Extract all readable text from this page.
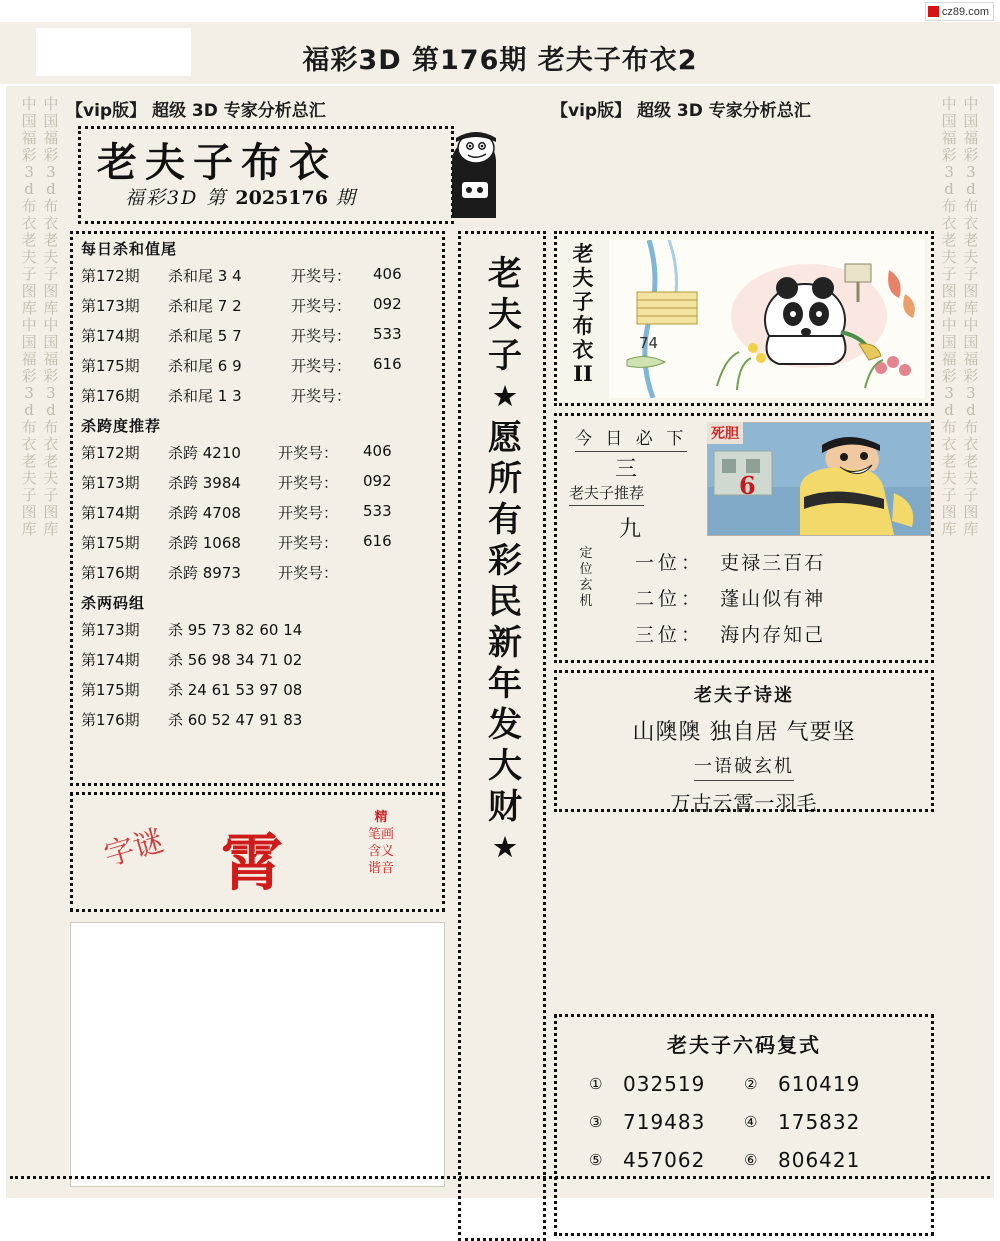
cz89.com
福彩3D 第176期 老夫子布衣2
【vip版】 超级 3D 专家分析总汇	【vip版】 超级 3D 专家分析总汇
老夫子布衣
福彩3D 第 2025176 期
每日杀和值尾
第172期 杀和尾 3 4	开奖号： 406
第173期 杀和尾 7 2	开奖号： 092
第174期 杀和尾 5 7	开奖号： 533
第175期 杀和尾 6 9	开奖号： 616
第176期 杀和尾 1 3	开奖号：
杀跨度推荐
第172期 杀跨 4210 开奖号： 406
第173期 杀跨 3984 开奖号： 092
第174期 杀跨 4708 开奖号： 533
第175期 杀跨 1068 开奖号： 616
第176期 杀跨 8973 开奖号：
杀两码组
第173期 杀 95 73 82 60 14
第174期 杀 56 98 34 71 02
第175期 杀 24 61 53 97 08
第176期 杀 60 52 47 91 83
字谜 霄
精
笔画
含义
谐音
老
夫
子
★
愿
所
有
彩
民
新
年
发
大
财
★
老夫子布衣II
74
今 日 必 下
三
老夫子推荐
九
定位玄机
死胆
6
一位： 吏禄三百石
二位： 蓬山似有神
三位： 海内存知己
老夫子诗迷
山隩隩 独自居 气要坚
一语破玄机
万古云霄一羽毛
老夫子六码复式
①	032519	②	610419
③	719483	④	175832
⑤	457062	⑥	806421
中国福彩3d布衣老夫子图库中国福彩3d布衣老夫子图库 中国福彩3d布衣老夫子图库中国福彩3d布衣老夫子图库
中国福彩3d布衣老夫子图库中国福彩3d布衣老夫子图库 中国福彩3d布衣老夫子图库中国福彩3d布衣老夫子图库
